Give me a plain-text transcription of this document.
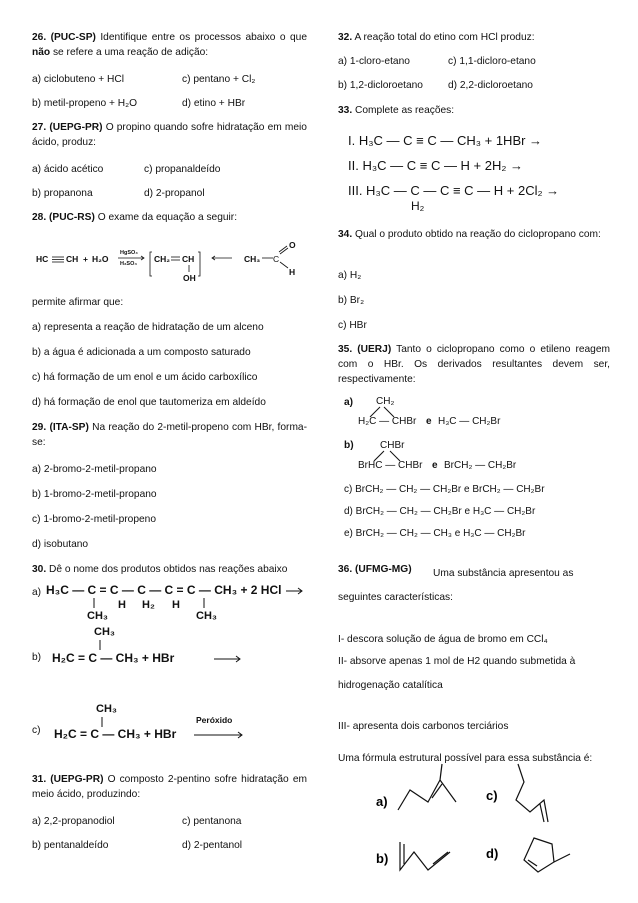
26. (PUC-SP) Identifique entre os processos abaixo o que não se refere a uma reação de adição:

a) ciclobuteno + HCl	c) pentano + Cl₂
b) metil-propeno + H₂O	d) etino + HBr

27. (UEPG-PR) O propino quando sofre hidratação em meio ácido, produz:

a) ácido acético	c) propanaldeído
b) propanona	d) 2-propanol

28. (PUC-RS) O exame da equação a seguir:

HC CH + H₂O
HgSO₄
H₂SO₄ CH₂ CH
OH
CH₃ C
O
H
permite afirmar que:
a) representa a reação de hidratação de um alceno
b) a água é adicionada a um composto saturado
c) há formação de um enol e um ácido carboxílico
d) há formação de enol que tautomeriza em aldeído

29. (ITA-SP) Na reação do 2-metil-propeno com HBr, forma-se:

a) 2-bromo-2-metil-propano
b) 1-bromo-2-metil-propano
c) 1-bromo-2-metil-propeno
d) isobutano

30. Dê o nome dos produtos obtidos nas reações abaixo

a) H₃C — C = C — C — C = C — CH₃ + 2 HCl
H H₂ H
CH₃	CH₃
CH₃
b) H₂C = C — CH₃ + HBr
CH₃
c) H₂C = C — CH₃ + HBr
Peróxido

31. (UEPG-PR) O composto 2-pentino sofre hidratação em meio ácido, produzindo:

a) 2,2-propanodiol	c) pentanona
b) pentanaldeído	d) 2-pentanol

32. A reação total do etino com HCl produz:

a) 1-cloro-etano	c) 1,1-dicloro-etano
b) 1,2-dicloroetano	d) 2,2-dicloroetano

33. Complete as reações:

I. H₃C — C ≡ C — CH₃ + 1HBr →
II. H₃C — C ≡ C — H + 2H₂ →
III. H₃C — C — C ≡ C — H + 2Cl₂ →
H₂

34. Qual o produto obtido na reação do ciclopropano com:

a) H₂
b) Br₂
c) HBr

35. (UERJ) Tanto o ciclopropano como o etileno reagem com o HBr. Os derivados resultantes devem ser, respectivamente:

a) CH₂
H₂C — CHBr e H₃C — CH₂Br
b)	CHBr
BrHC — CHBr e BrCH₂ — CH₂Br
c) BrCH₂ — CH₂ — CH₂Br e BrCH₂ — CH₂Br
d) BrCH₂ — CH₂ — CH₂Br e H₃C — CH₂Br
e) BrCH₂ — CH₂ — CH₃ e H₃C — CH₂Br

36. (UFMG-MG)	Uma substância apresentou as seguintes características:
I- descora solução de água de bromo em CCl₄
II- absorve apenas 1 mol de H2 quando submetida à hidrogenação catalítica
III- apresenta dois carbonos terciários
Uma fórmula estrutural possível para essa substância é:
a)
b)
c)
d)
